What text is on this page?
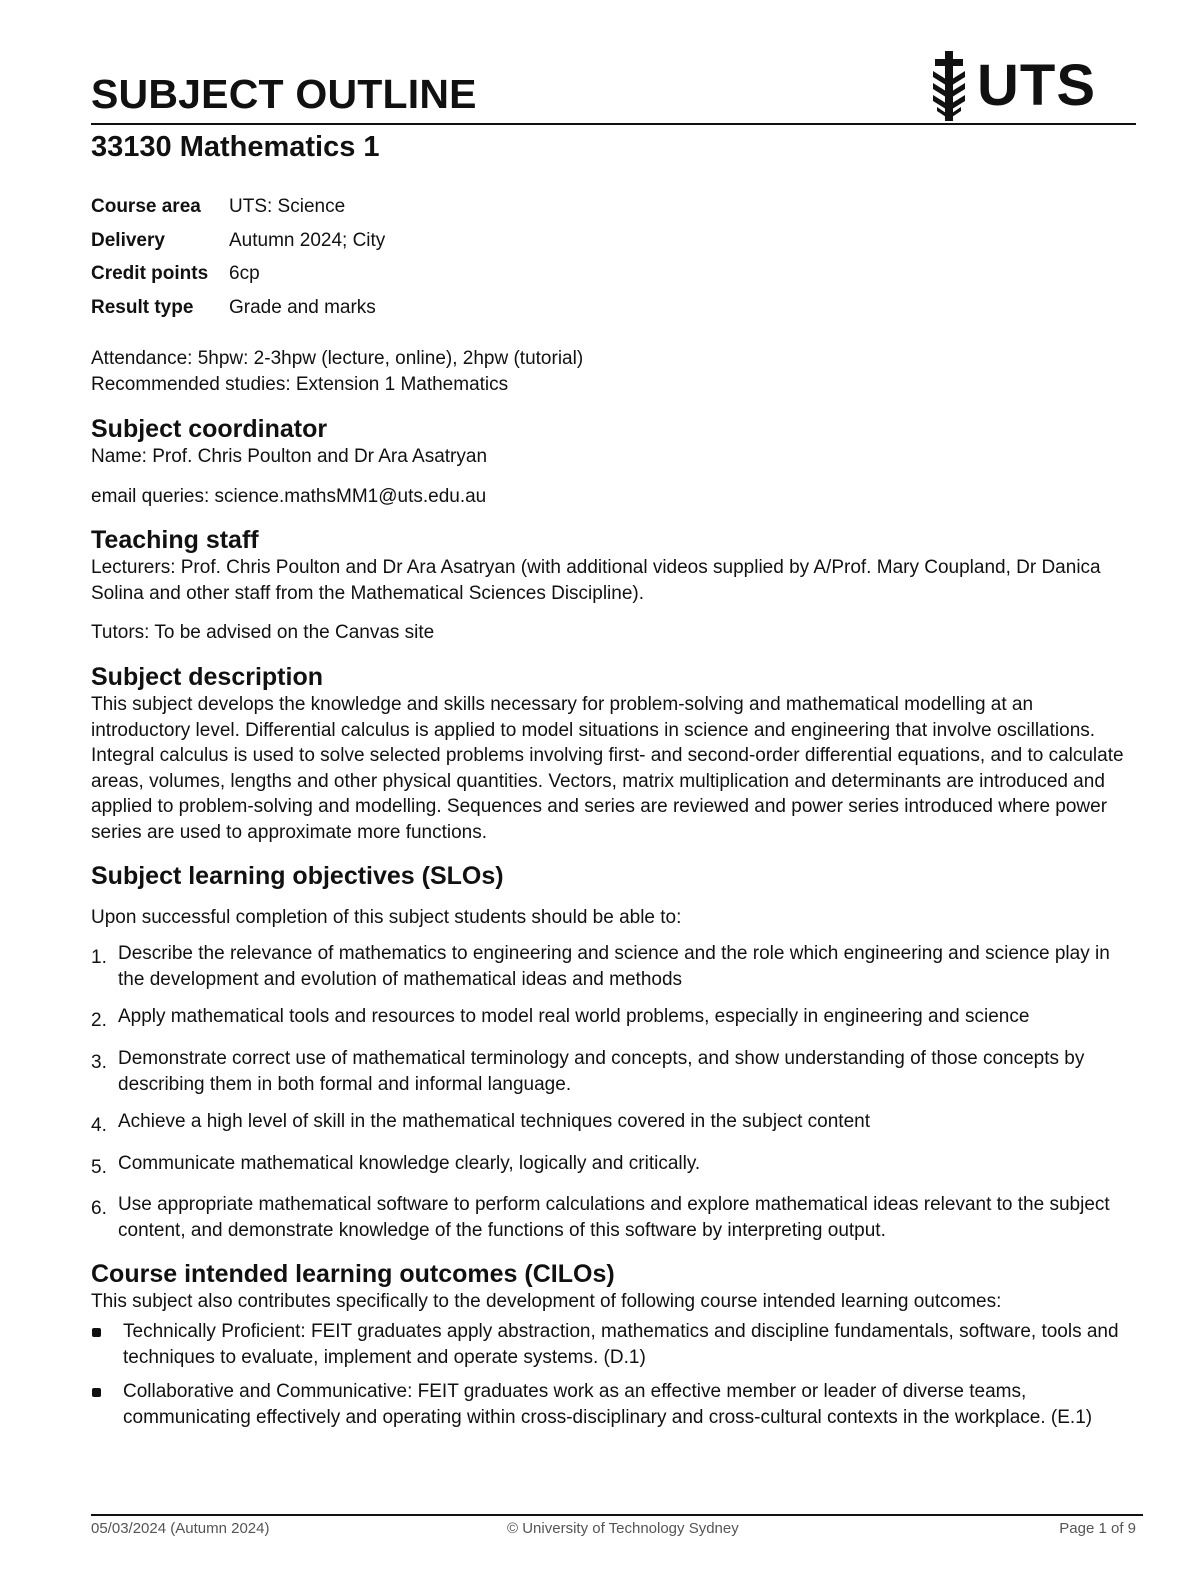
SUBJECT OUTLINE	UTS
33130 Mathematics 1
Course area	UTS: Science
Delivery	Autumn 2024; City
Credit points	6cp
Result type	Grade and marks

Attendance: 5hpw: 2-3hpw (lecture, online), 2hpw (tutorial)

Recommended studies: Extension 1 Mathematics

Subject coordinator

Name: Prof. Chris Poulton and Dr Ara Asatryan

email queries: science.mathsMM1@uts.edu.au

Teaching staff

Lecturers: Prof. Chris Poulton and Dr Ara Asatryan (with additional videos supplied by A/Prof. Mary Coupland, Dr Danica Solina and other staff from the Mathematical Sciences Discipline).

Tutors: To be advised on the Canvas site

Subject description

This subject develops the knowledge and skills necessary for problem-solving and mathematical modelling at an introductory level. Differential calculus is applied to model situations in science and engineering that involve oscillations. Integral calculus is used to solve selected problems involving first- and second-order differential equations, and to calculate areas, volumes, lengths and other physical quantities. Vectors, matrix multiplication and determinants are introduced and applied to problem-solving and modelling. Sequences and series are reviewed and power series introduced where power series are used to approximate more functions.

Subject learning objectives (SLOs)

Upon successful completion of this subject students should be able to:

1. Describe the relevance of mathematics to engineering and science and the role which engineering and science play in the development and evolution of mathematical ideas and methods
2. Apply mathematical tools and resources to model real world problems, especially in engineering and science
3. Demonstrate correct use of mathematical terminology and concepts, and show understanding of those concepts by describing them in both formal and informal language.
4. Achieve a high level of skill in the mathematical techniques covered in the subject content
5. Communicate mathematical knowledge clearly, logically and critically.
6. Use appropriate mathematical software to perform calculations and explore mathematical ideas relevant to the subject content, and demonstrate knowledge of the functions of this software by interpreting output.
Course intended learning outcomes (CILOs)

This subject also contributes specifically to the development of following course intended learning outcomes:

Technically Proficient: FEIT graduates apply abstraction, mathematics and discipline fundamentals, software, tools and techniques to evaluate, implement and operate systems. (D.1)
Collaborative and Communicative: FEIT graduates work as an effective member or leader of diverse teams, communicating effectively and operating within cross-disciplinary and cross-cultural contexts in the workplace. (E.1)
05/03/2024 (Autumn 2024)	© University of Technology Sydney	Page 1 of 9
